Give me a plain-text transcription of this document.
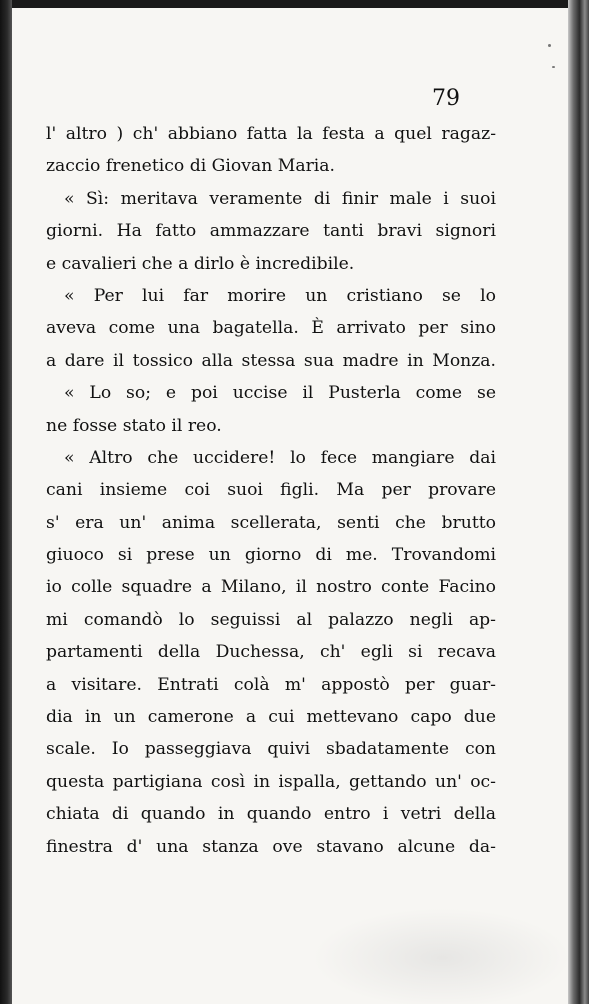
79
l' altro ) ch' abbiano fatta la festa a quel ragaz-
zaccio frenetico di Giovan Maria.
« Sì: meritava veramente di finir male i suoi
giorni. Ha fatto ammazzare tanti bravi signori
e cavalieri che a dirlo è incredibile.
« Per lui far morire un cristiano se lo
aveva come una bagatella. È arrivato per sino
a dare il tossico alla stessa sua madre in Monza.
« Lo so; e poi uccise il Pusterla come se
ne fosse stato il reo.
« Altro che uccidere! lo fece mangiare dai
cani insieme coi suoi figli. Ma per provare
s' era un' anima scellerata, senti che brutto
giuoco si prese un giorno di me. Trovandomi
io colle squadre a Milano, il nostro conte Facino
mi comandò lo seguissi al palazzo negli ap-
partamenti della Duchessa, ch' egli si recava
a visitare. Entrati colà m' appostò per guar-
dia in un camerone a cui mettevano capo due
scale. Io passeggiava quivi sbadatamente con
questa partigiana così in ispalla, gettando un' oc-
chiata di quando in quando entro i vetri della
finestra d' una stanza ove stavano alcune da-
